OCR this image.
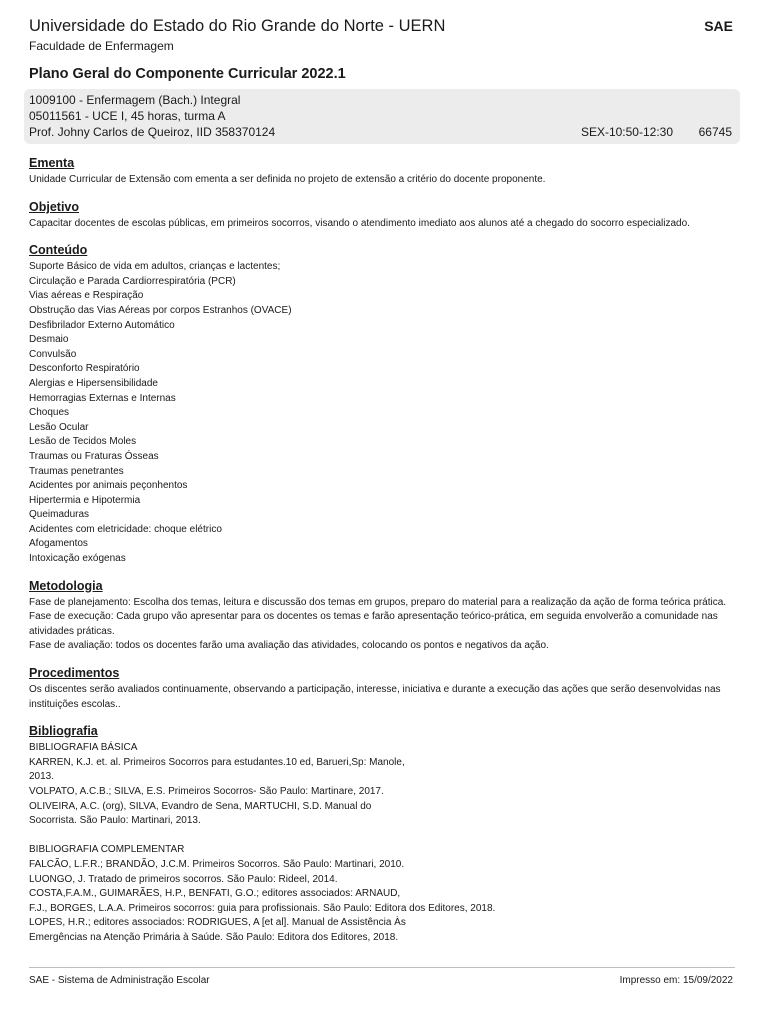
Universidade do Estado do Rio Grande do Norte - UERN	SAE
Faculdade de Enfermagem
Plano Geral do Componente Curricular 2022.1
1009100 - Enfermagem (Bach.) Integral
05011561 - UCE I, 45 horas, turma A
Prof. Johny Carlos de Queiroz, IID 358370124	SEX-10:50-12:30 66745
Ementa
Unidade Curricular de Extensão com ementa a ser definida no projeto de extensão a critério do docente proponente.
Objetivo
Capacitar docentes de escolas públicas, em primeiros socorros, visando o atendimento imediato aos alunos até a chegado do socorro especializado.
Conteúdo
Suporte Básico de vida em adultos, crianças e lactentes;
Circulação e Parada Cardiorrespiratória (PCR)
Vias aéreas e Respiração
Obstrução das Vias Aéreas por corpos Estranhos (OVACE)
Desfibrilador Externo Automático
Desmaio
Convulsão
Desconforto Respiratório
Alergias e Hipersensibilidade
Hemorragias Externas e Internas
Choques
Lesão Ocular
Lesão de Tecidos Moles
Traumas ou Fraturas Ósseas
Traumas penetrantes
Acidentes por animais peçonhentos
Hipertermia e Hipotermia
Queimaduras
Acidentes com eletricidade: choque elétrico
Afogamentos
Intoxicação exógenas
Metodologia

Fase de planejamento: Escolha dos temas, leitura e discussão dos temas em grupos, preparo do material para a realização da ação de forma teórica prática.

Fase de execução: Cada grupo vão apresentar para os docentes os temas e farão apresentação teórico-prática, em seguida envolverão a comunidade nas atividades práticas.

Fase de avaliação: todos os docentes farão uma avaliação das atividades, colocando os pontos e negativos da ação.

Procedimentos
Os discentes serão avaliados continuamente, observando a participação, interesse, iniciativa e durante a execução das ações que serão desenvolvidas nas instituições escolas..
Bibliografia
BIBLIOGRAFIA BÁSICA
KARREN, K.J. et. al. Primeiros Socorros para estudantes.10 ed, Barueri,Sp: Manole,
2013.
VOLPATO, A.C.B.; SILVA, E.S. Primeiros Socorros- São Paulo: Martinare, 2017.
OLIVEIRA, A.C. (org), SILVA, Evandro de Sena, MARTUCHI, S.D. Manual do
Socorrista. São Paulo: Martinari, 2013.
BIBLIOGRAFIA COMPLEMENTAR
FALCÃO, L.F.R.; BRANDÃO, J.C.M. Primeiros Socorros. São Paulo: Martinari, 2010.
LUONGO, J. Tratado de primeiros socorros. São Paulo: Rideel, 2014.
COSTA,F.A.M., GUIMARÃES, H.P., BENFATI, G.O.; editores associados: ARNAUD,
F.J., BORGES, L.A.A. Primeiros socorros: guia para profissionais. São Paulo: Editora dos Editores, 2018.
LOPES, H.R.; editores associados: RODRIGUES, A [et al]. Manual de Assistência Às
Emergências na Atenção Primária à Saúde. São Paulo: Editora dos Editores, 2018.
SAE - Sistema de Administração Escolar	Impresso em: 15/09/2022
